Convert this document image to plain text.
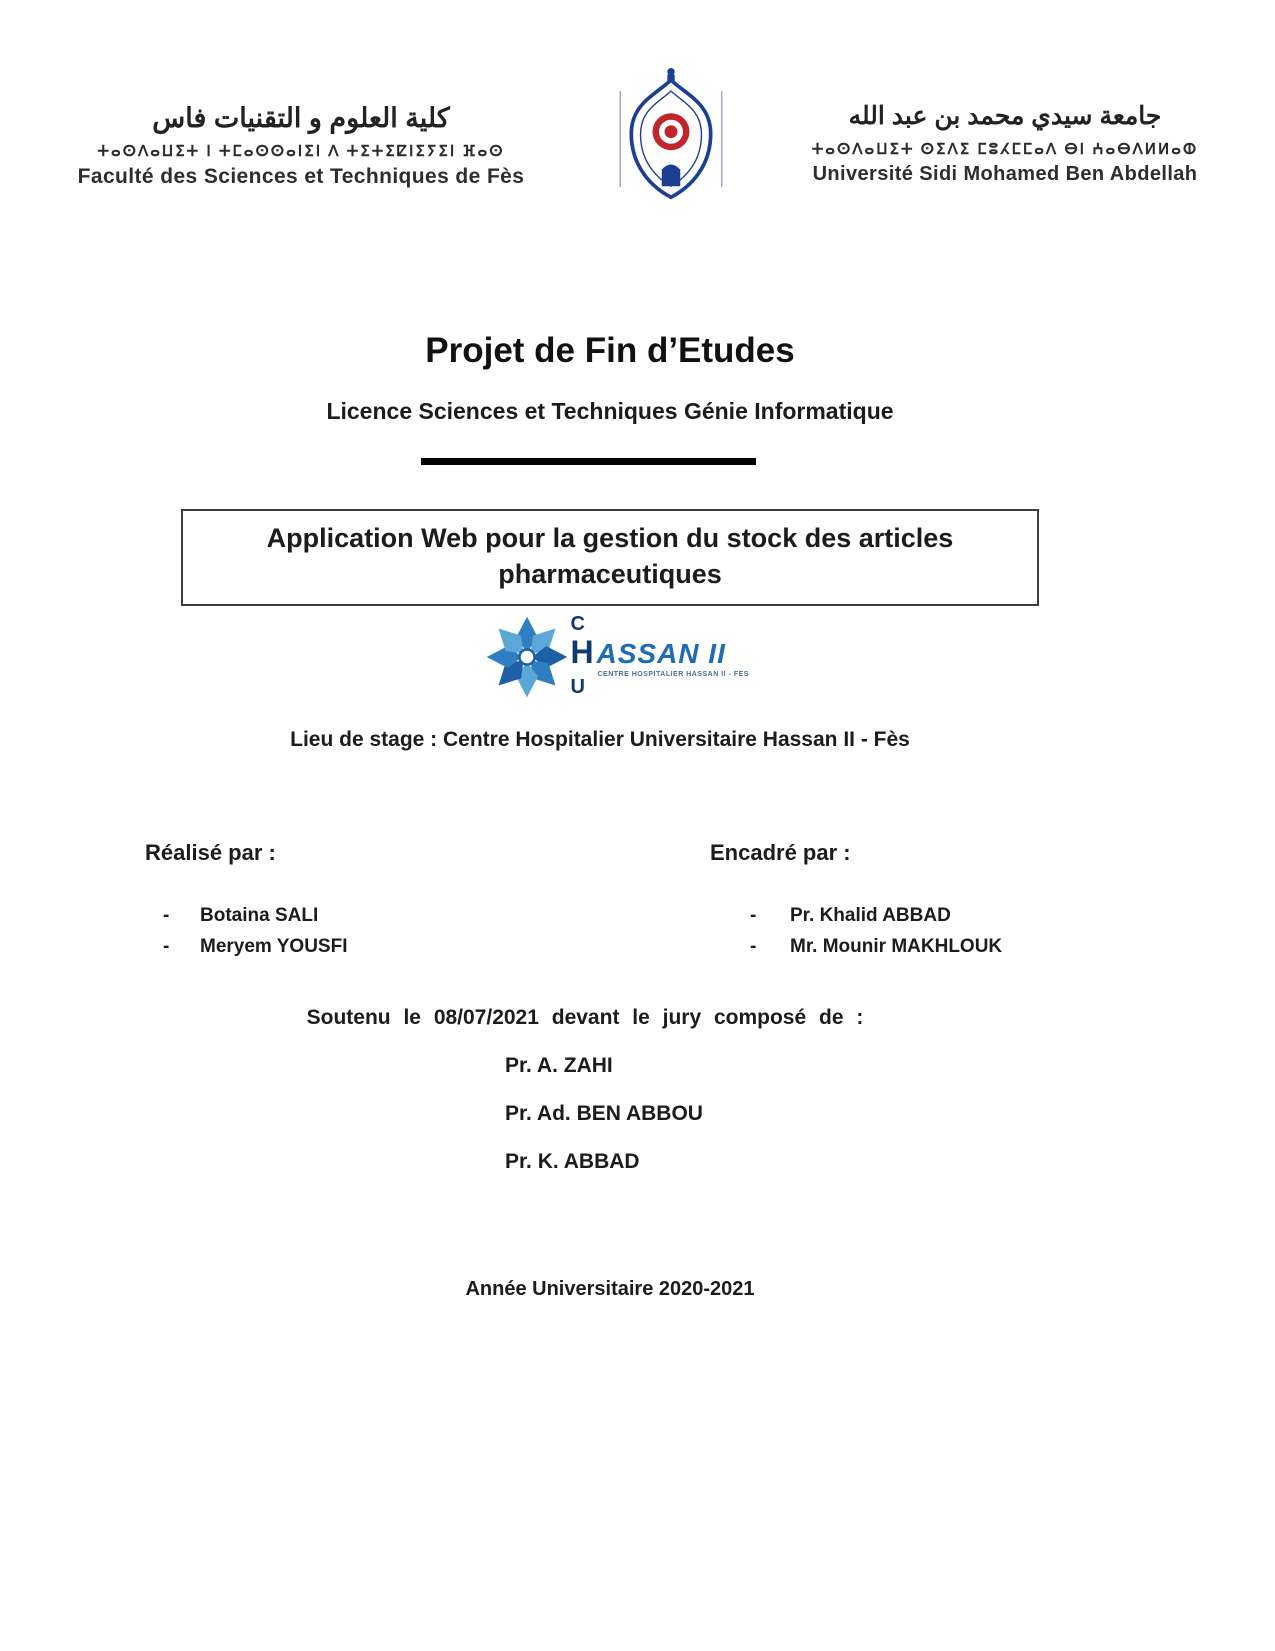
كلية العلوم و التقنيات فاس
ⵜⴰⵙⴷⴰⵡⵉⵜ ⵏ ⵜⵎⴰⵙⵙⴰⵏⵉⵏ ⴷ ⵜⵉⵜⵉⵇⵏⵉⵢⵉⵏ ⴼⴰⵙ
Faculté des Sciences et Techniques de Fès
جامعة سيدي محمد بن عبد الله
ⵜⴰⵙⴷⴰⵡⵉⵜ ⵙⵉⴷⵉ ⵎⵓⵃⵎⵎⴰⴷ ⴱⵏ ⵄⴰⴱⴷⵍⵍⴰⵀ
Université Sidi Mohamed Ben Abdellah
Projet de Fin d’Etudes
Licence Sciences et Techniques Génie Informatique
Application Web pour la gestion du stock des articles pharmaceutiques
C
H ASSAN II
CENTRE HOSPITALIER HASSAN II - FES
U
Lieu de stage : Centre Hospitalier Universitaire Hassan II - Fès
Réalisé par :
-	Botaina SALI
-	Meryem YOUSFI
Encadré par :
-	Pr. Khalid ABBAD
-	Mr. Mounir MAKHLOUK
Soutenu le 08/07/2021 devant le jury composé de :
Pr. A. ZAHI
Pr. Ad. BEN ABBOU
Pr. K. ABBAD
Année Universitaire 2020-2021
